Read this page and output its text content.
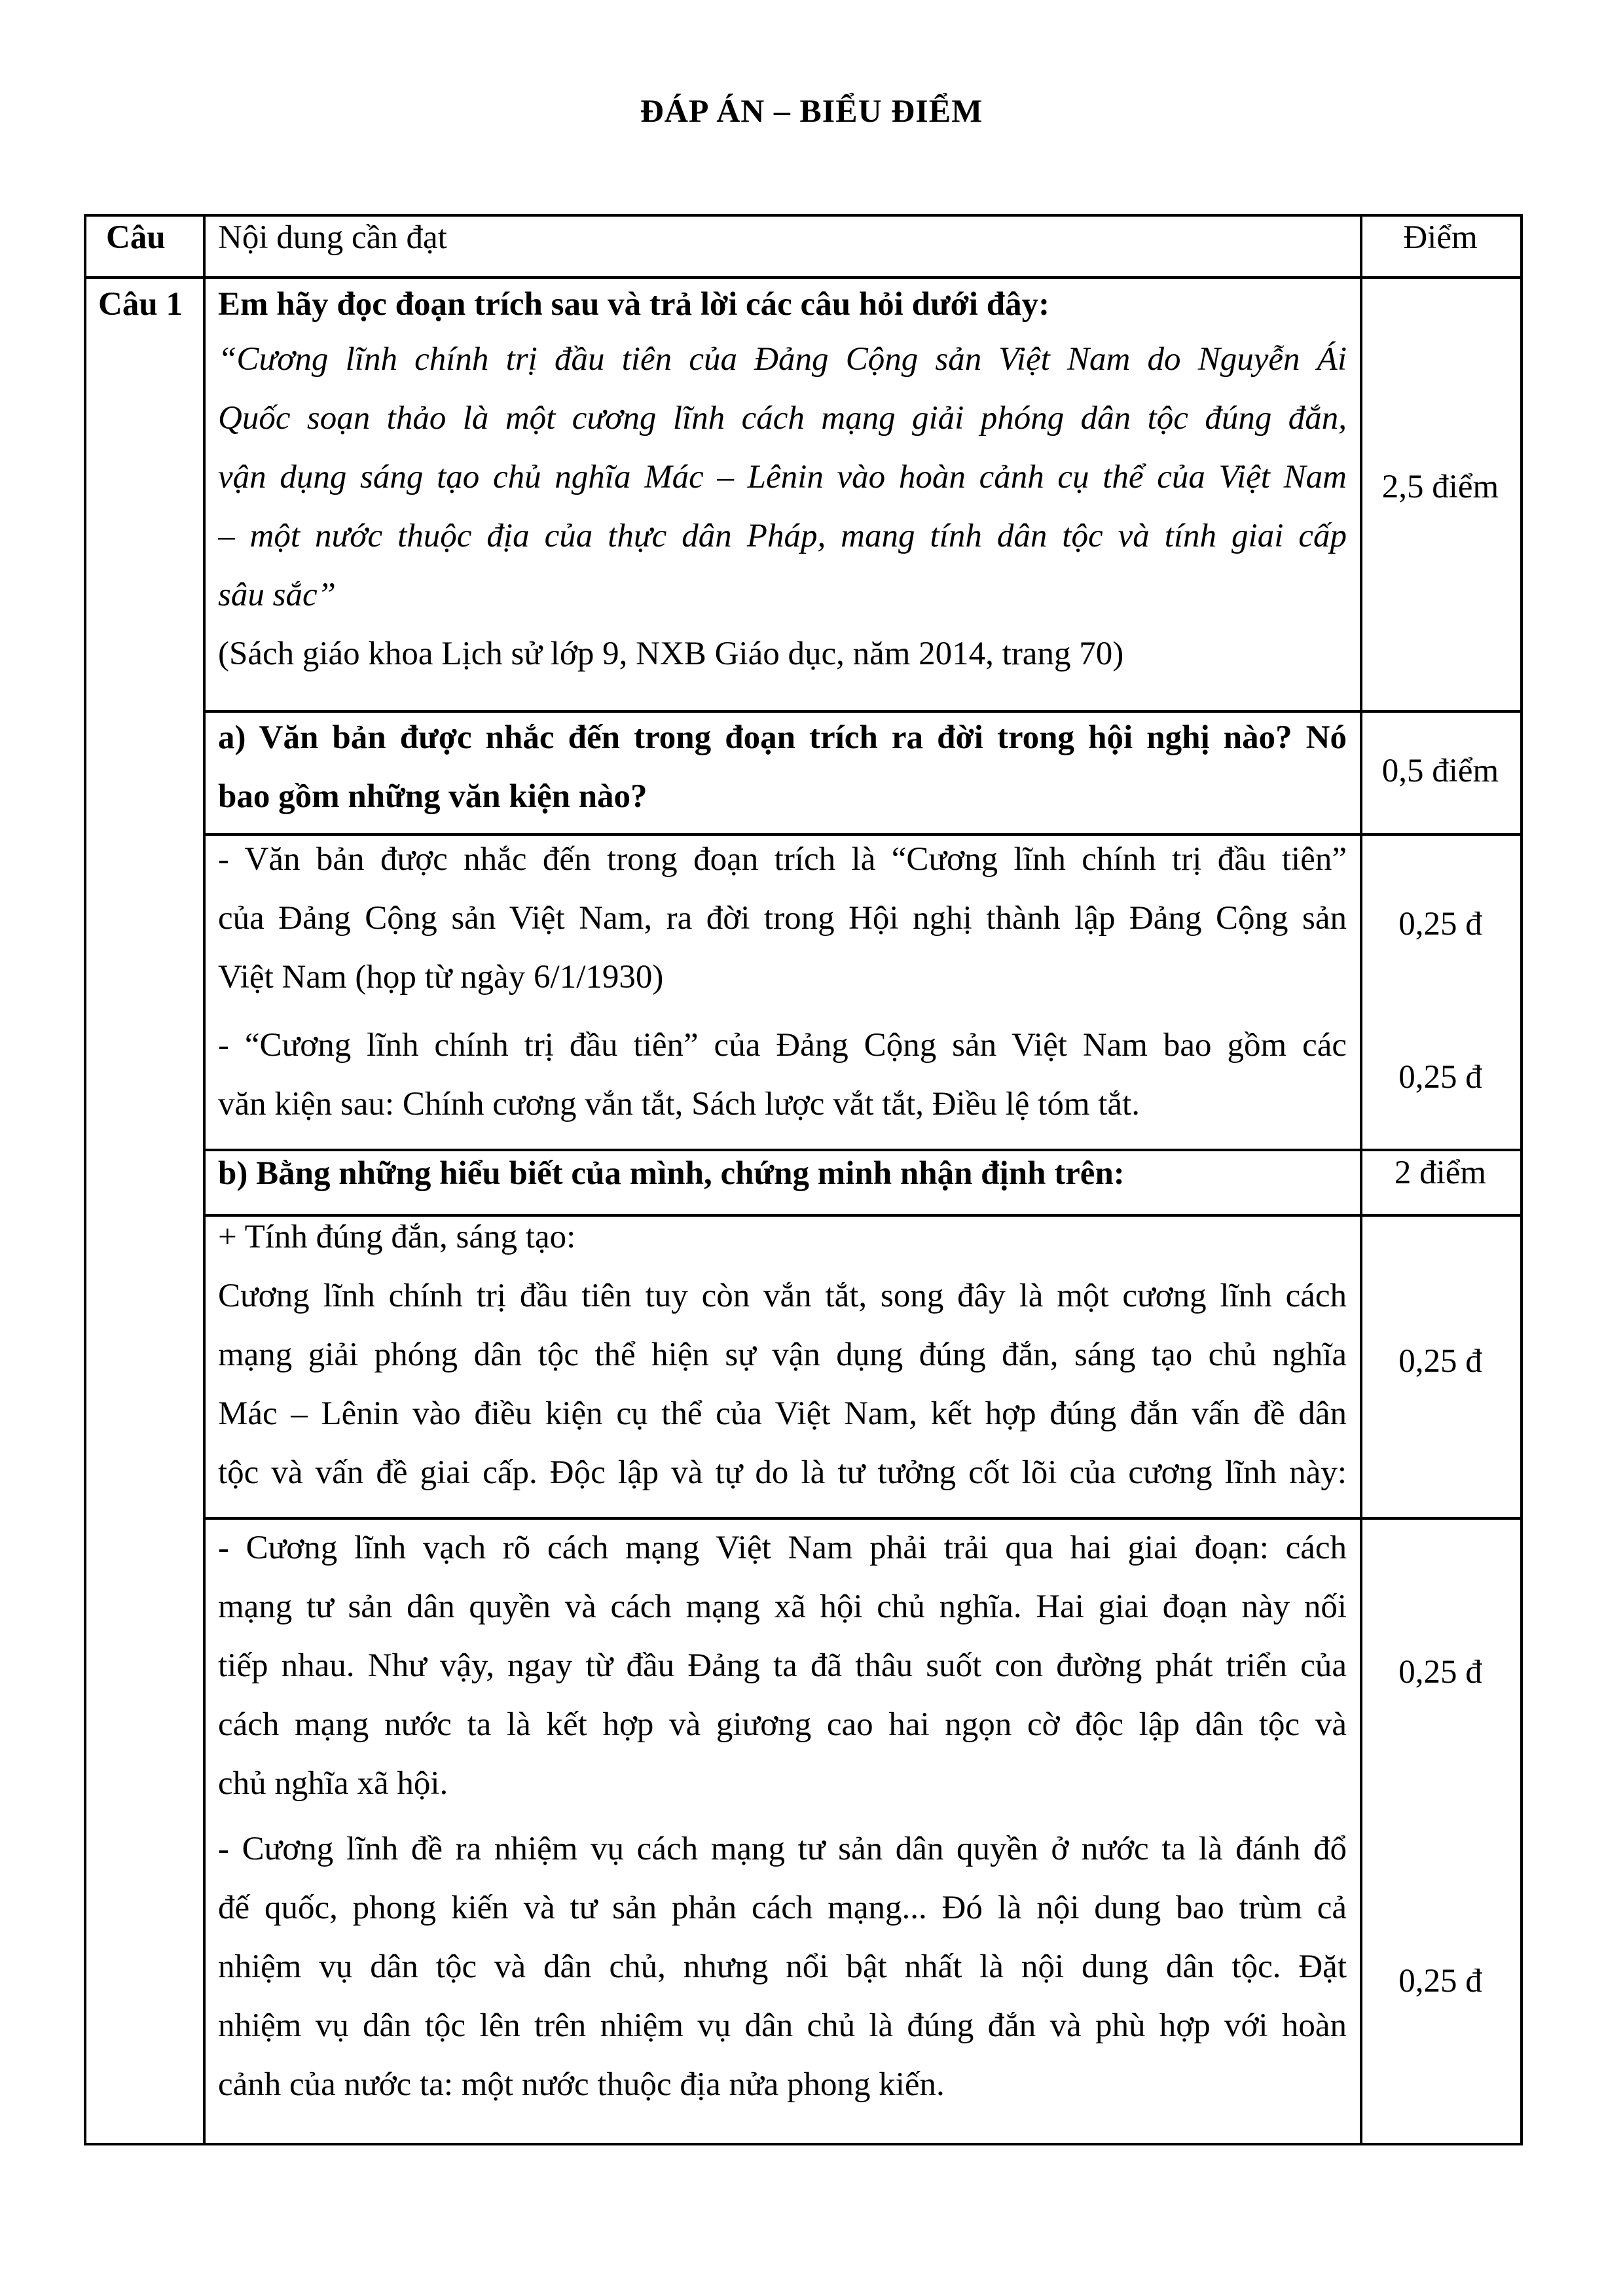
ĐÁP ÁN – BIỂU ĐIỂM
Câu Nội dung cần đạt	Điểm
Câu 1 Em hãy đọc đoạn trích sau và trả lời các câu hỏi dưới đây:
“Cương lĩnh chính trị đầu tiên của Đảng Cộng sản Việt Nam do Nguyễn Ái
Quốc soạn thảo là một cương lĩnh cách mạng giải phóng dân tộc đúng đắn,
vận dụng sáng tạo chủ nghĩa Mác – Lênin vào hoàn cảnh cụ thể của Việt Nam
– một nước thuộc địa của thực dân Pháp, mang tính dân tộc và tính giai cấp
sâu sắc”
(Sách giáo khoa Lịch sử lớp 9, NXB Giáo dục, năm 2014, trang 70)
2,5 điểm
a) Văn bản được nhắc đến trong đoạn trích ra đời trong hội nghị nào? Nó
bao gồm những văn kiện nào?
0,5 điểm
- Văn bản được nhắc đến trong đoạn trích là “Cương lĩnh chính trị đầu tiên”
của Đảng Cộng sản Việt Nam, ra đời trong Hội nghị thành lập Đảng Cộng sản
Việt Nam (họp từ ngày 6/1/1930)
0,25 đ
- “Cương lĩnh chính trị đầu tiên” của Đảng Cộng sản Việt Nam bao gồm các
văn kiện sau: Chính cương vắn tắt, Sách lược vắt tắt, Điều lệ tóm tắt.
0,25 đ
b) Bằng những hiểu biết của mình, chứng minh nhận định trên:	2 điểm
+ Tính đúng đắn, sáng tạo:
Cương lĩnh chính trị đầu tiên tuy còn vắn tắt, song đây là một cương lĩnh cách
mạng giải phóng dân tộc thể hiện sự vận dụng đúng đắn, sáng tạo chủ nghĩa
Mác – Lênin vào điều kiện cụ thể của Việt Nam, kết hợp đúng đắn vấn đề dân
tộc và vấn đề giai cấp. Độc lập và tự do là tư tưởng cốt lõi của cương lĩnh này:
0,25 đ
- Cương lĩnh vạch rõ cách mạng Việt Nam phải trải qua hai giai đoạn: cách
mạng tư sản dân quyền và cách mạng xã hội chủ nghĩa. Hai giai đoạn này nối
tiếp nhau. Như vậy, ngay từ đầu Đảng ta đã thâu suốt con đường phát triển của
cách mạng nước ta là kết hợp và giương cao hai ngọn cờ độc lập dân tộc và
chủ nghĩa xã hội.
0,25 đ
- Cương lĩnh đề ra nhiệm vụ cách mạng tư sản dân quyền ở nước ta là đánh đổ
đế quốc, phong kiến và tư sản phản cách mạng... Đó là nội dung bao trùm cả
nhiệm vụ dân tộc và dân chủ, nhưng nổi bật nhất là nội dung dân tộc. Đặt
nhiệm vụ dân tộc lên trên nhiệm vụ dân chủ là đúng đắn và phù hợp với hoàn
cảnh của nước ta: một nước thuộc địa nửa phong kiến.
0,25 đ
